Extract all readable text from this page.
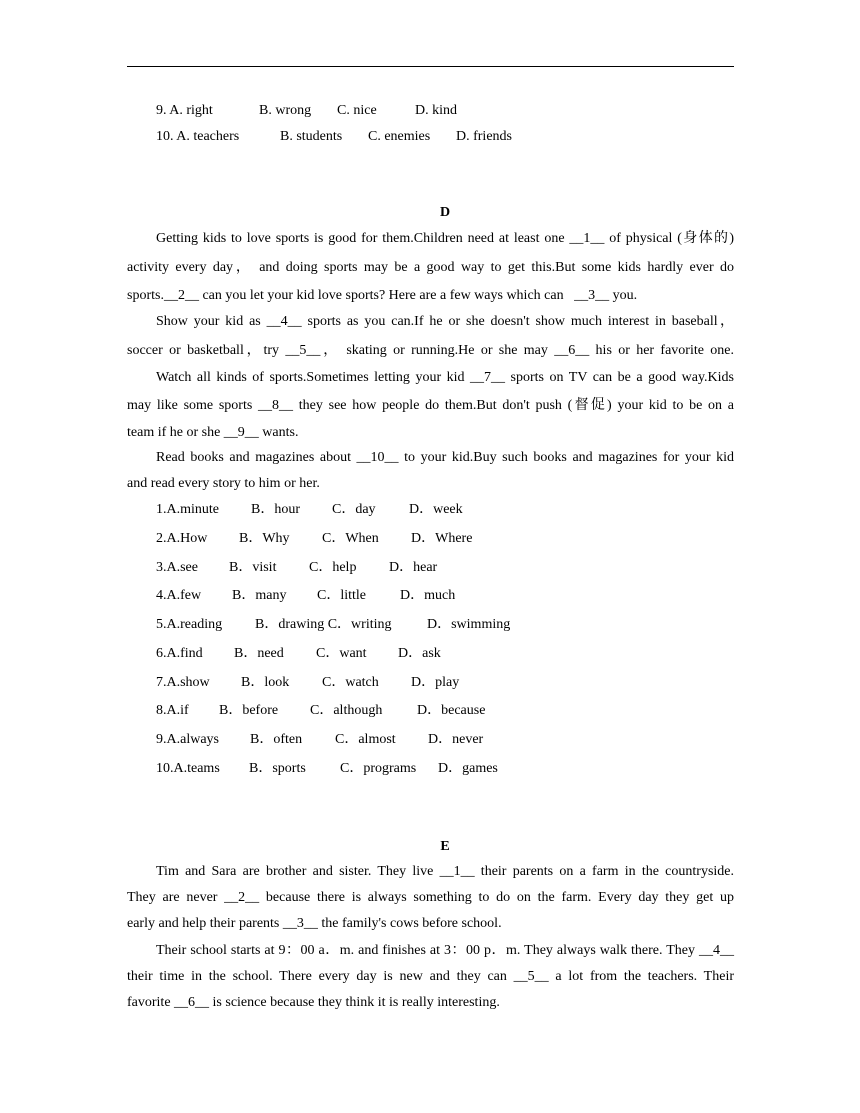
9. A. right	B. wrong C. nice	D. kind
10. A. teachers	B. students C. enemies D. friends
D
Getting kids to love sports is good for them.Children need at least one __1__ of physical (身体的)
activity every day， and doing sports may be a good way to get this.But some kids hardly ever do
sports.__2__ can you let your kid love sports? Here are a few ways which can   __3__ you.
Show your kid as __4__ sports as you can.If he or she doesn't show much interest in baseball，
soccer or basketball，try __5__， skating or running.He or she may __6__ his or her favorite one.
Watch all kinds of sports.Sometimes letting your kid __7__ sports on TV can be a good way.Kids
may like some sports __8__ they see how people do them.But don't push (督促) your kid to be on a
team if he or she __9__ wants.
Read books and magazines about __10__ to your kid.Buy such books and magazines for your kid
and read every story to him or her.
1.A.minute B．hour C．day D．week
2.A.How B．Why C．When D．Where
3.A.see B．visit C．help D．hear
4.A.few B．many C．little D．much
5.A.reading B．drawing C．writing	D．swimming
6.A.find B．need C．want D．ask
7.A.show B．look C．watch D．play
8.A.if B．before C．although D．because
9.A.always B．often C．almost D．never
10.A.teams B．sports C．programs D．games
E
Tim and Sara are brother and sister. They live __1__ their parents on a farm in the countryside.
They are never __2__ because there is always something to do on the farm. Every day they get up
early and help their parents __3__ the family's cows before school.
Their school starts at 9：00 a．m. and finishes at 3：00 p．m. They always walk there. They __4__
their time in the school. There every day is new and they can __5__ a lot from the teachers. Their
favorite __6__ is science because they think it is really interesting.
